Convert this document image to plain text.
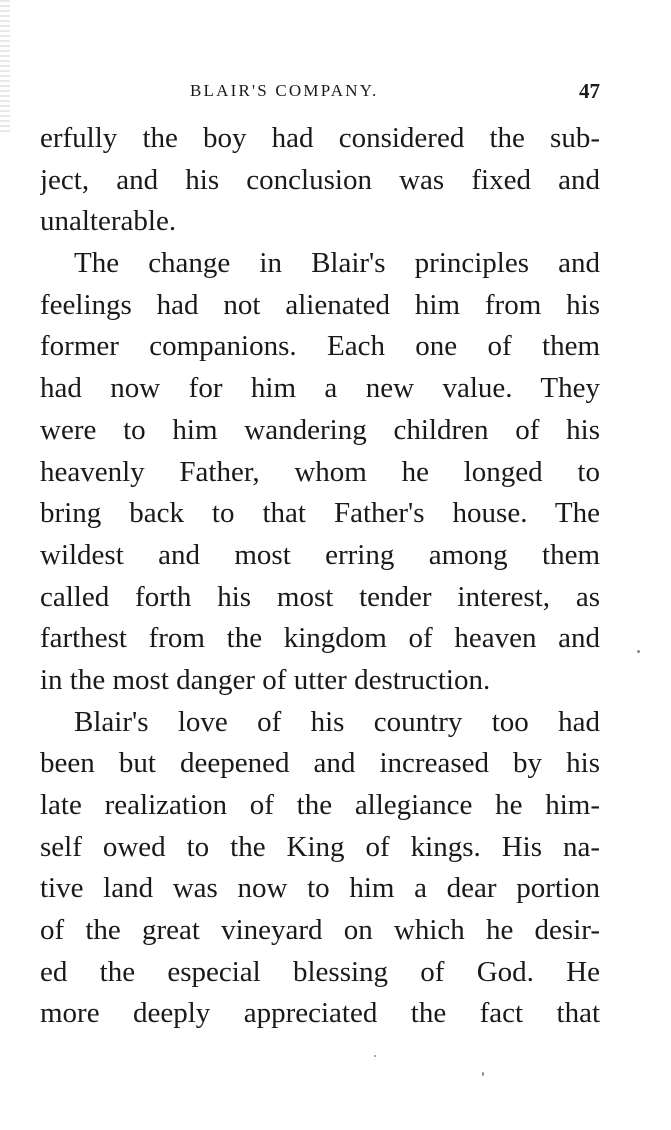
BLAIR'S COMPANY.	47
erfully the boy had considered the sub-
ject, and his conclusion was fixed and
unalterable.
The change in Blair's principles and
feelings had not alienated him from his
former companions. Each one of them
had now for him a new value. They
were to him wandering children of his
heavenly Father, whom he longed to
bring back to that Father's house. The
wildest and most erring among them
called forth his most tender interest, as
farthest from the kingdom of heaven and
in the most danger of utter destruction.
Blair's love of his country too had
been but deepened and increased by his
late realization of the allegiance he him-
self owed to the King of kings. His na-
tive land was now to him a dear portion
of the great vineyard on which he desir-
ed the especial blessing of God. He
more deeply appreciated the fact that
